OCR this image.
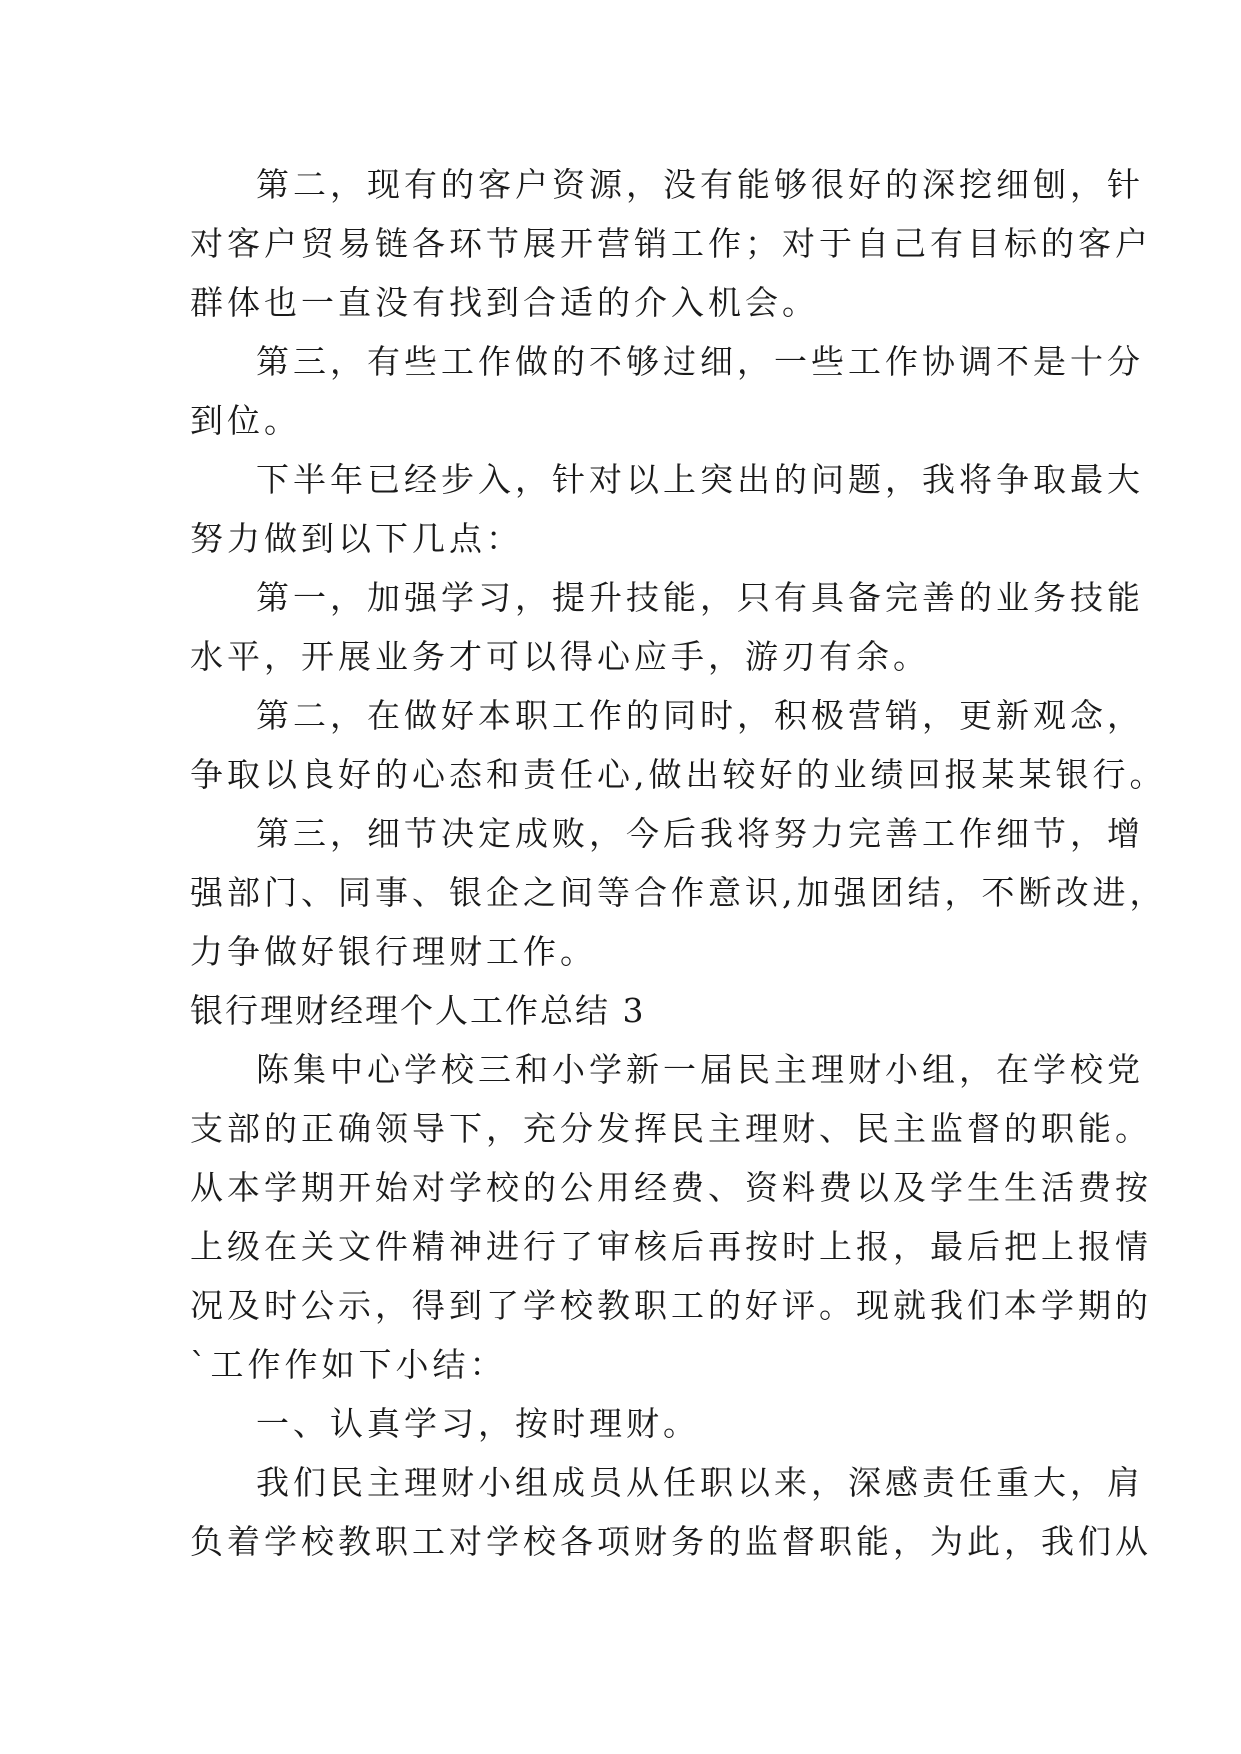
第二，现有的客户资源，没有能够很好的深挖细刨，针
对客户贸易链各环节展开营销工作；对于自己有目标的客户
群体也一直没有找到合适的介入机会。
第三，有些工作做的不够过细，一些工作协调不是十分
到位。
下半年已经步入，针对以上突出的问题，我将争取最大
努力做到以下几点：
第一，加强学习，提升技能，只有具备完善的业务技能
水平，开展业务才可以得心应手，游刃有余。
第二，在做好本职工作的同时，积极营销，更新观念，
争取以良好的心态和责任心,做出较好的业绩回报某某银行。
第三，细节决定成败，今后我将努力完善工作细节，增
强部门、同事、银企之间等合作意识,加强团结，不断改进，
力争做好银行理财工作。
银行理财经理个人工作总结 3
陈集中心学校三和小学新一届民主理财小组，在学校党
支部的正确领导下，充分发挥民主理财、民主监督的职能。
从本学期开始对学校的公用经费、资料费以及学生生活费按
上级在关文件精神进行了审核后再按时上报，最后把上报情
况及时公示，得到了学校教职工的好评。现就我们本学期的
`工作作如下小结：
一、认真学习，按时理财。
我们民主理财小组成员从任职以来，深感责任重大，肩
负着学校教职工对学校各项财务的监督职能，为此，我们从
